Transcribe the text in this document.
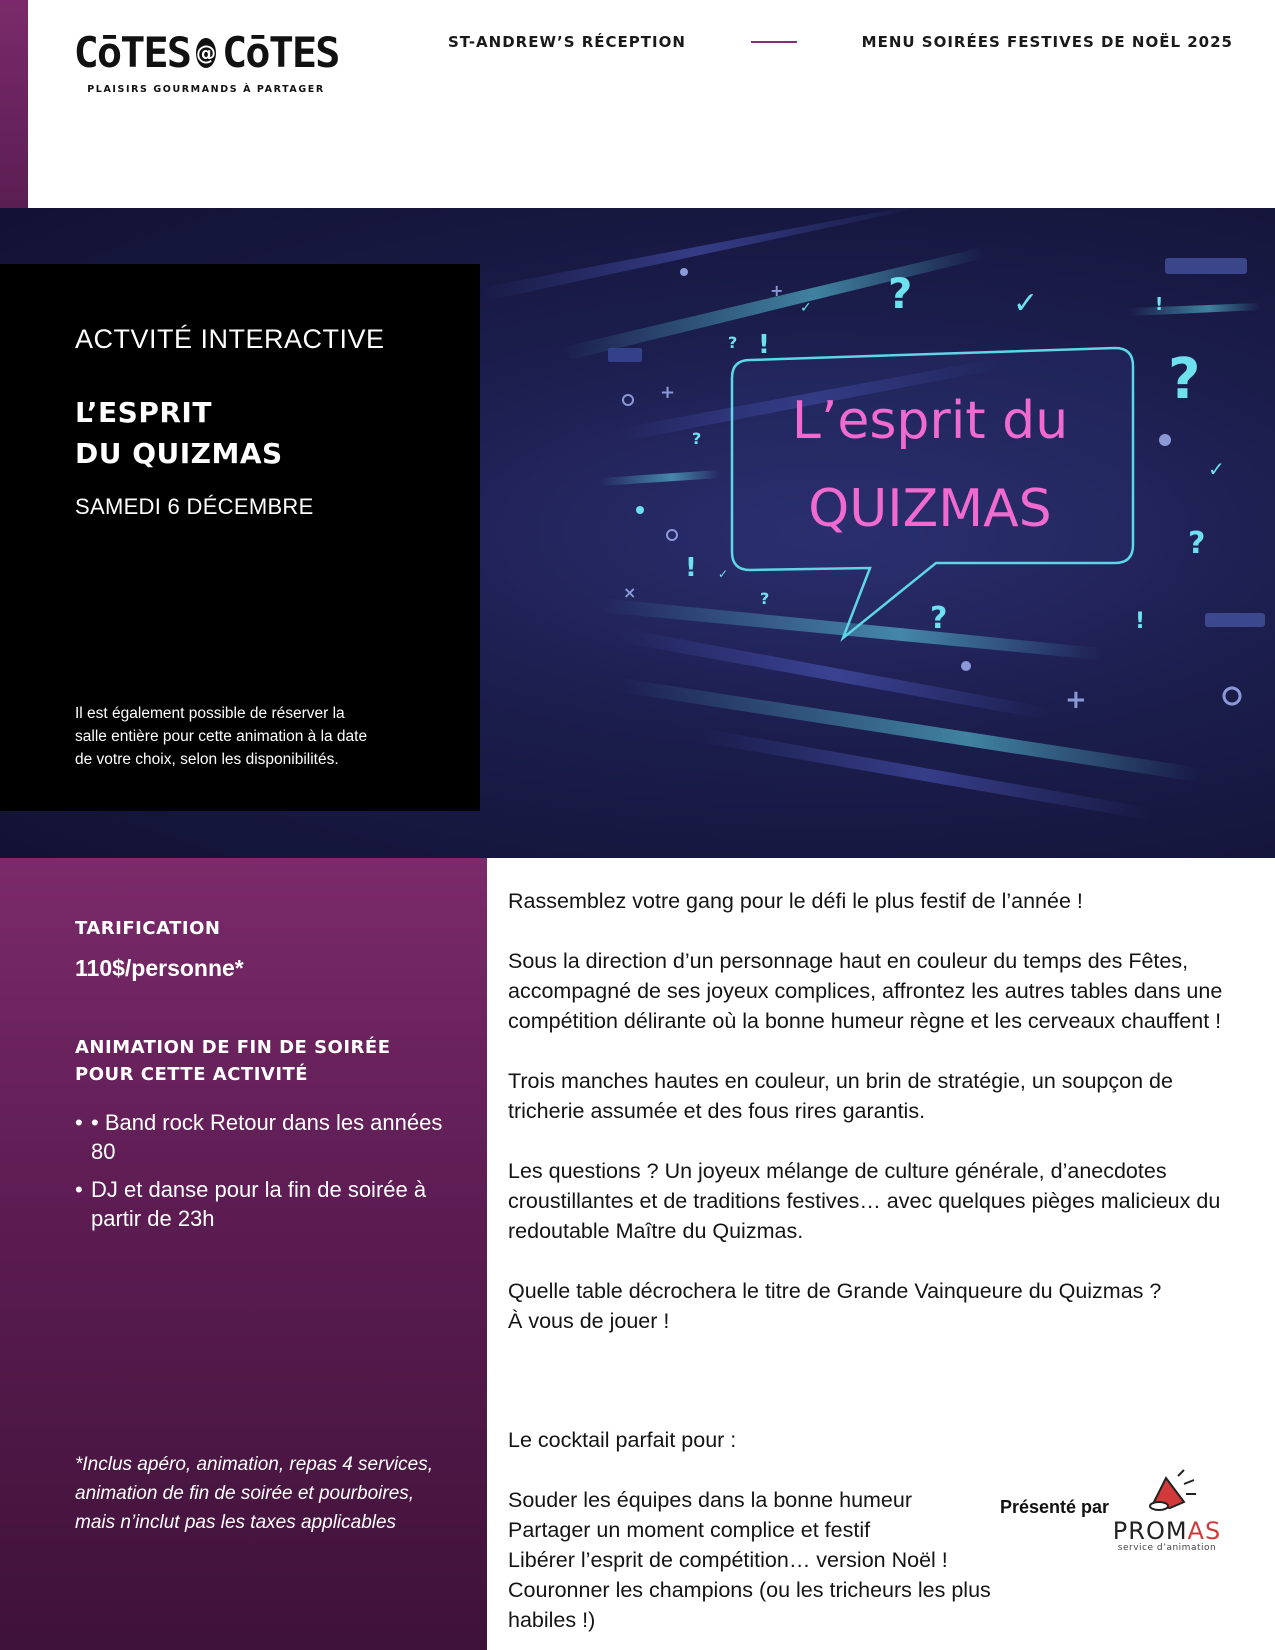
CōTES @ CōTES
PLAISIRS GOURMANDS À PARTAGER
ST-ANDREW’S RÉCEPTION	MENU SOIRÉES FESTIVES DE NOËL 2025
L’esprit du
QUIZMAS
?
?
?
?
? !
?
!
?
!
!
✓
✓
✓
✓
×
+
+
+
ACTVITÉ INTERACTIVE
L’ESPRIT
DU QUIZMAS
SAMEDI 6 DÉCEMBRE
Il est également possible de réserver la salle entière pour cette animation à la date de votre choix, selon les disponibilités.
TARIFICATION
110$/personne*
ANIMATION DE FIN DE SOIRÉE
POUR CETTE ACTIVITÉ
• • Band rock Retour dans les années 80
• DJ et danse pour la fin de soirée à partir de 23h
*Inclus apéro, animation, repas 4 services, animation de fin de soirée et pourboires, mais n’inclut pas les taxes applicables

Rassemblez votre gang pour le défi le plus festif de l’année !

Sous la direction d’un personnage haut en couleur du temps des Fêtes, accompagné de ses joyeux complices, affrontez les autres tables dans une compétition délirante où la bonne humeur règne et les cerveaux chauffent !

Trois manches hautes en couleur, un brin de stratégie, un soupçon de tricherie assumée et des fous rires garantis.

Les questions ? Un joyeux mélange de culture générale, d’anecdotes croustillantes et de traditions festives… avec quelques pièges malicieux du redoutable Maître du Quizmas.

Quelle table décrochera le titre de Grande Vainqueure du Quizmas ?

À vous de jouer !

Le cocktail parfait pour :
Souder les équipes dans la bonne humeur
Partager un moment complice et festif
Libérer l’esprit de compétition… version Noël !
Couronner les champions (ou les tricheurs les plus habiles !)
Présenté par
PROMAS
service d’animation
